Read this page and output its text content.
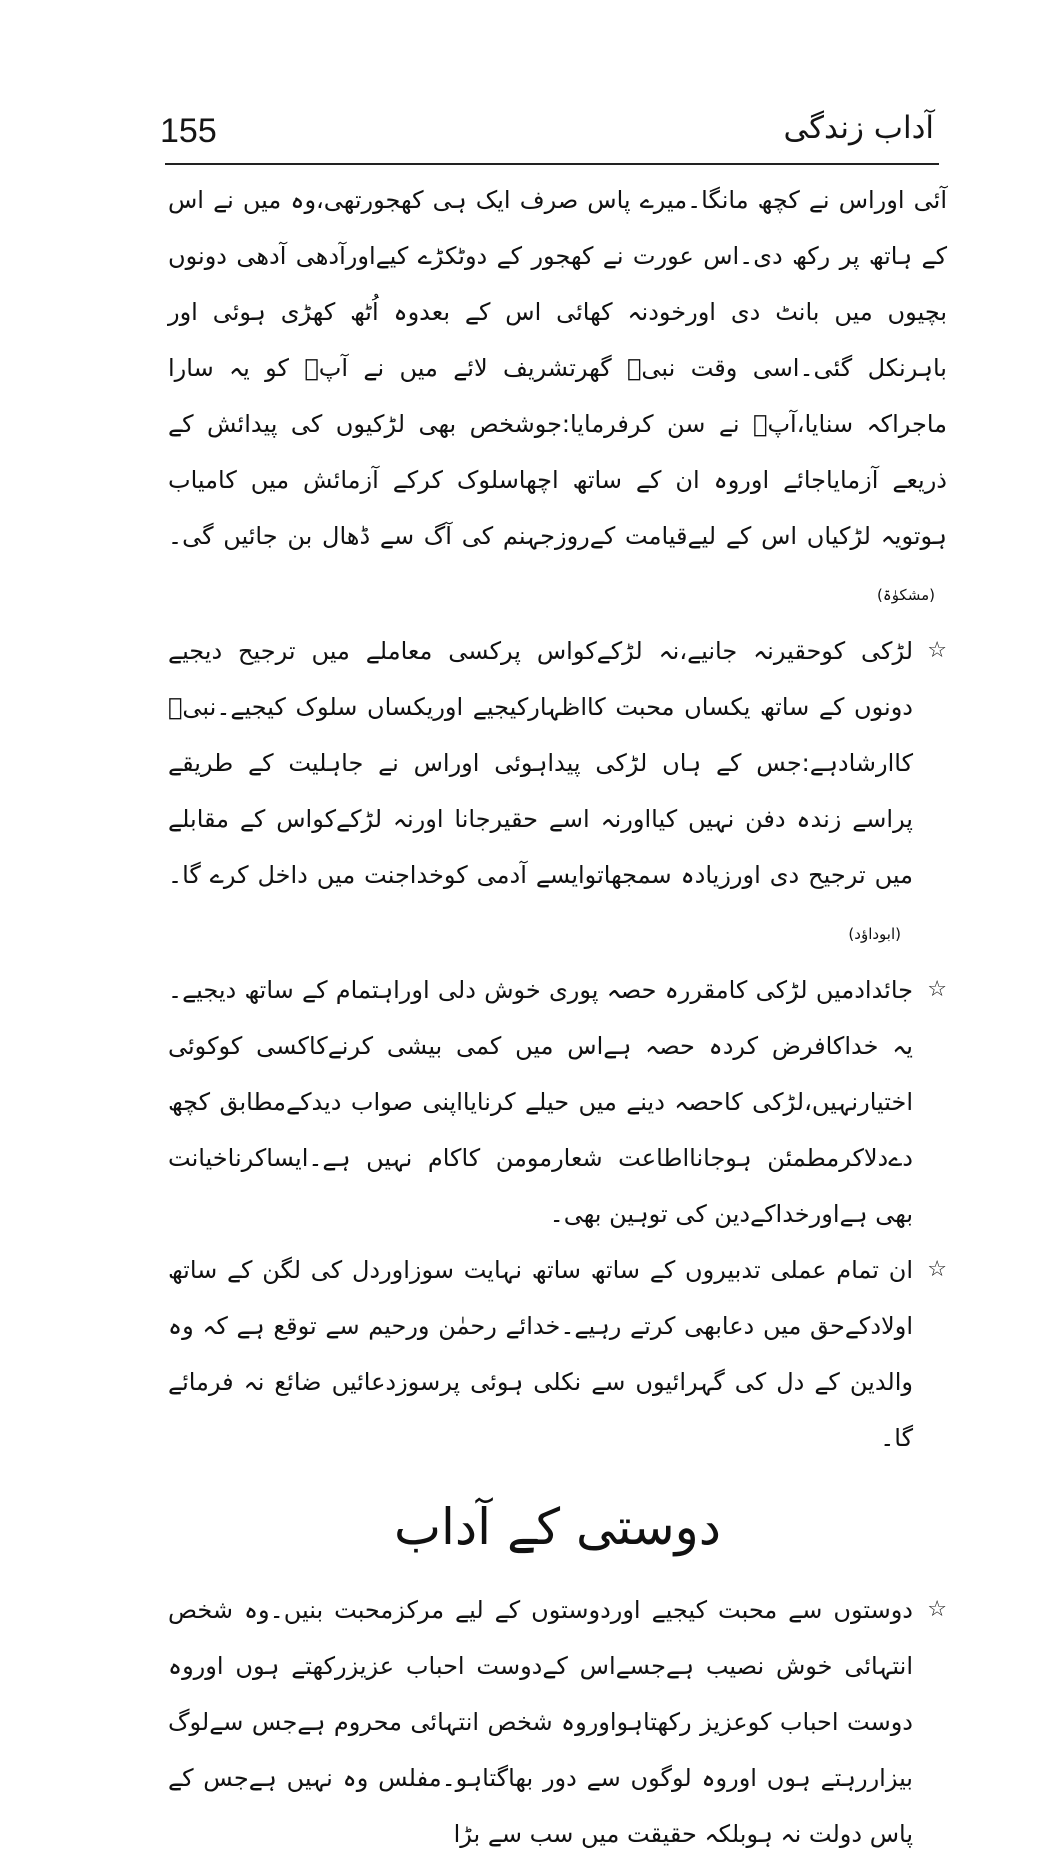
155	آداب زندگی

آئی اوراس نے کچھ مانگا۔میرے پاس صرف ایک ہی کھجورتھی،وہ میں نے اس کے ہاتھ پر رکھ دی۔اس عورت نے کھجور کے دوٹکڑے کیےاورآدھی آدھی دونوں بچیوں میں بانٹ دی اورخودنہ کھائی اس کے بعدوہ اُٹھ کھڑی ہوئی اور باہرنکل گئی۔اسی وقت نبیؐ گھرتشریف لائے میں نے آپؐ کو یہ سارا ماجراکہ سنایا،آپؐ نے سن کرفرمایا:جوشخص بھی لڑکیوں کی پیدائش کے ذریعے آزمایاجائے اوروہ ان کے ساتھ اچھاسلوک کرکے آزمائش میں کامیاب ہوتویہ لڑکیاں اس کے لیےقیامت کےروزجہنم کی آگ سے ڈھال بن جائیں گی۔(مشکوٰۃ)

☆

لڑکی کوحقیرنہ جانیے،نہ لڑکےکواس پرکسی معاملے میں ترجیح دیجیے دونوں کے ساتھ یکساں محبت کااظہارکیجیے اوریکساں سلوک کیجیے۔نبیؐ کاارشادہے:جس کے ہاں لڑکی پیداہوئی اوراس نے جاہلیت کے طریقے پراسے زندہ دفن نہیں کیااورنہ اسے حقیرجانا اورنہ لڑکےکواس کے مقابلے میں ترجیح دی اورزیادہ سمجھاتوایسے آدمی کوخداجنت میں داخل کرے گا۔(ابوداؤد)

☆

جائدادمیں لڑکی کامقررہ حصہ پوری خوش دلی اوراہتمام کے ساتھ دیجیے۔یہ خداکافرض کردہ حصہ ہےاس میں کمی بیشی کرنےکاکسی کوکوئی اختیارنہیں،لڑکی کاحصہ دینے میں حیلے کرنایااپنی صواب دیدکےمطابق کچھ دےدلاکرمطمئن ہوجانااطاعت شعارمومن کاکام نہیں ہے۔ایساکرناخیانت بھی ہےاورخداکےدین کی توہین بھی۔

☆

ان تمام عملی تدبیروں کے ساتھ ساتھ نہایت سوزاوردل کی لگن کے ساتھ اولادکےحق میں دعابھی کرتے رہیے۔خدائے رحمٰن ورحیم سے توقع ہے کہ وہ والدین کے دل کی گہرائیوں سے نکلی ہوئی پرسوزدعائیں ضائع نہ فرمائے گا۔

دوستی کے آداب
☆

دوستوں سے محبت کیجیے اوردوستوں کے لیے مرکزمحبت بنیں۔وہ شخص انتہائی خوش نصیب ہےجسےاس کےدوست احباب عزیزرکھتے ہوں اوروہ دوست احباب کوعزیز رکھتاہواوروہ شخص انتہائی محروم ہےجس سےلوگ بیزاررہتے ہوں اوروہ لوگوں سے دور بھاگتاہو۔مفلس وہ نہیں ہےجس کے پاس دولت نہ ہوبلکہ حقیقت میں سب سے بڑا
